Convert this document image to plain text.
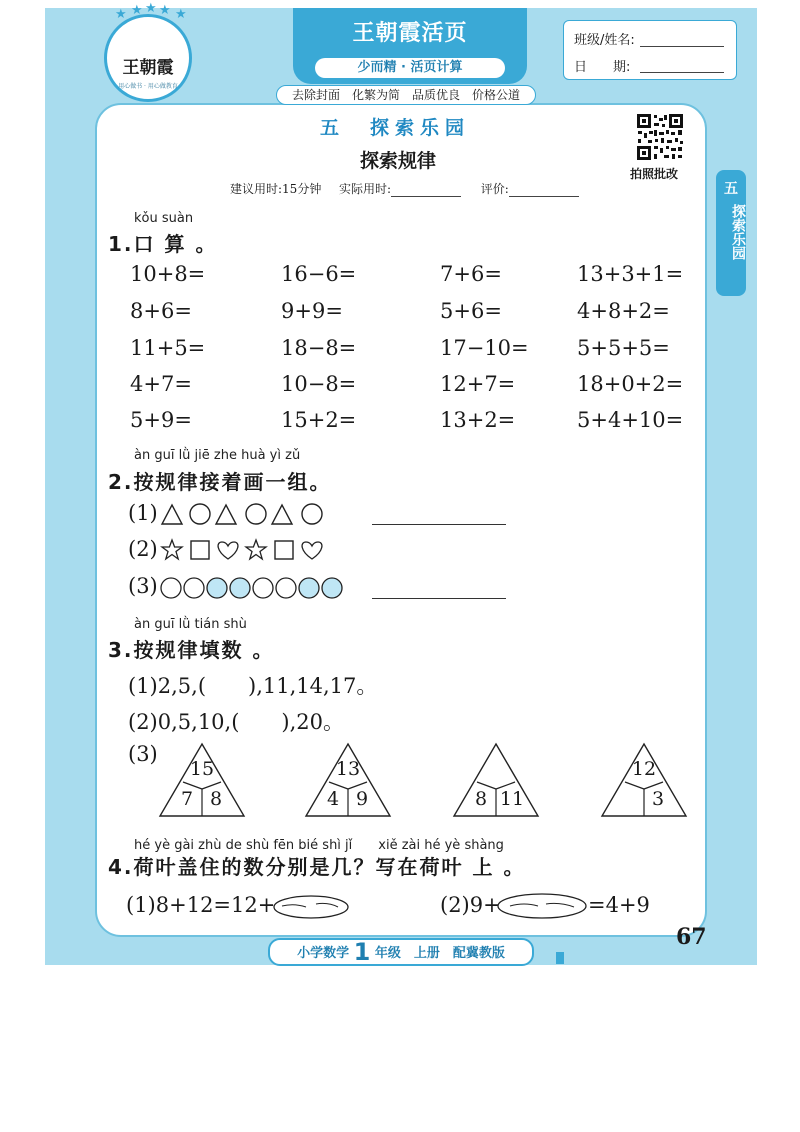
★ ★ ★ ★ ★
王朝霞
用心做书 · 用心做教育
王朝霞活页
少而精 · 活页计算
去除封面　化繁为简　品质优良　价格公道
班级/姓名:
日　　期:
五
探索乐园
拍照批改
五　探索乐园
探索规律
建议用时:15分钟 实际用时:	评价:
kǒu suàn
1.口 算 。
10+8=	16−6=	7+6=	13+3+1=
8+6=	9+9=	5+6=	4+8+2=
11+5=	18−8=	17−10= 5+5+5=
4+7=	10−8=	12+7=	18+0+2=
5+9=	15+2=	13+2=	5+4+10=
àn guī lǜ jiē zhe huà yì zǔ
2.按规律接着画一组。
(1)
(2)
(3)
àn guī lǜ tián shù
3.按规律填数 。
(1)2,5,(　　),11,14,17。
(2)0,5,10,(　　),20。
(3)
15
7 8
13
4 9	8 11
12
3
hé yè gài zhù de shù fēn bié shì jǐ　　xiě zài hé yè shàng
4.荷叶盖住的数分别是几？写在荷叶 上 。
(1)8+12=12+	(2)9+	=4+9
小学数学 1 年级　上册　配冀教版
67
